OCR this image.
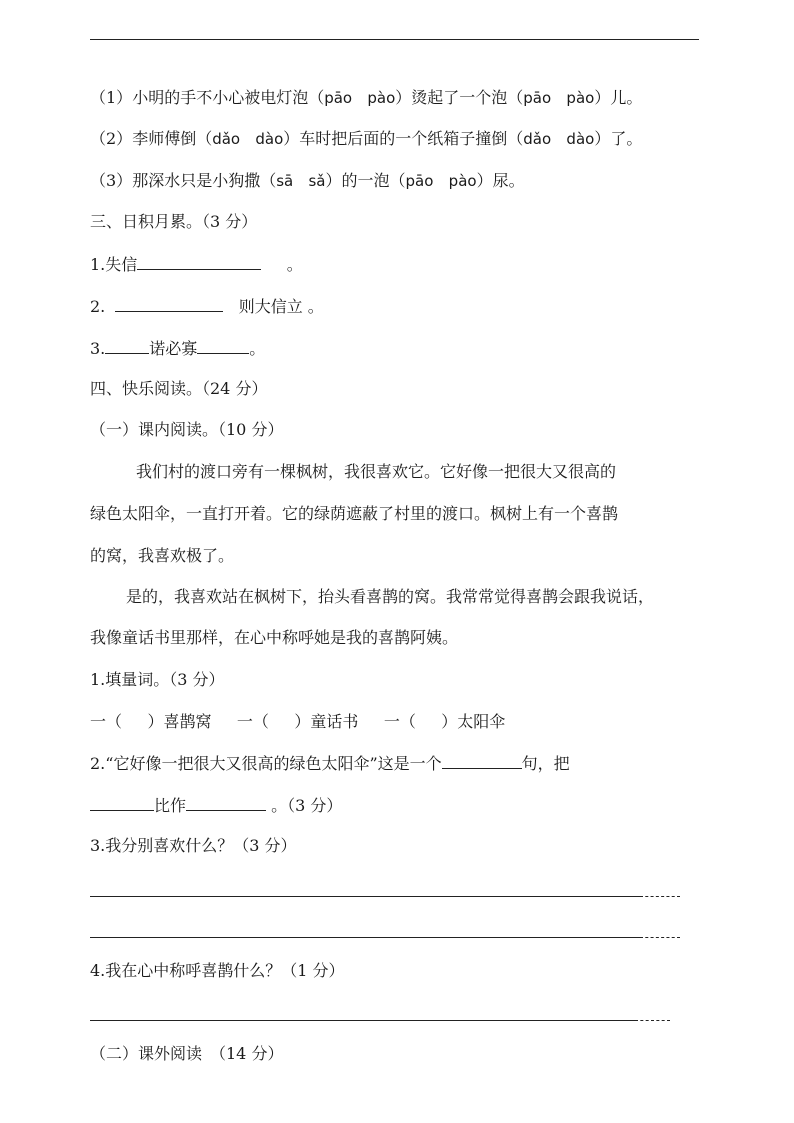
（1）小明的手不小心被电灯泡（pāo pào）烫起了一个泡（pāo pào）儿。
（2）李师傅倒（dǎo dào）车时把后面的一个纸箱子撞倒（dǎo dào）了。
（3）那深水只是小狗撒（sā sǎ）的一泡（pāo pào）尿。
三、日积月累。（3 分）
1.失信	。
2.	则大信立 。
3.	诺必寡	。
四、快乐阅读。（24 分）
（一）课内阅读。（10 分）
我们村的渡口旁有一棵枫树，我很喜欢它。它好像一把很大又很高的
绿色太阳伞，一直打开着。它的绿荫遮蔽了村里的渡口。枫树上有一个喜鹊
的窝，我喜欢极了。
是的，我喜欢站在枫树下，抬头看喜鹊的窝。我常常觉得喜鹊会跟我说话，
我像童话书里那样，在心中称呼她是我的喜鹊阿姨。
1.填量词。（3 分）
一（ ）喜鹊窝 一（ ）童话书 一（ ）太阳伞
2.“它好像一把很大又很高的绿色太阳伞”这是一个	句，把
比作	。（3 分）
3.我分别喜欢什么？（3 分）
4.我在心中称呼喜鹊什么？（1 分）
（二）课外阅读　（14 分）
